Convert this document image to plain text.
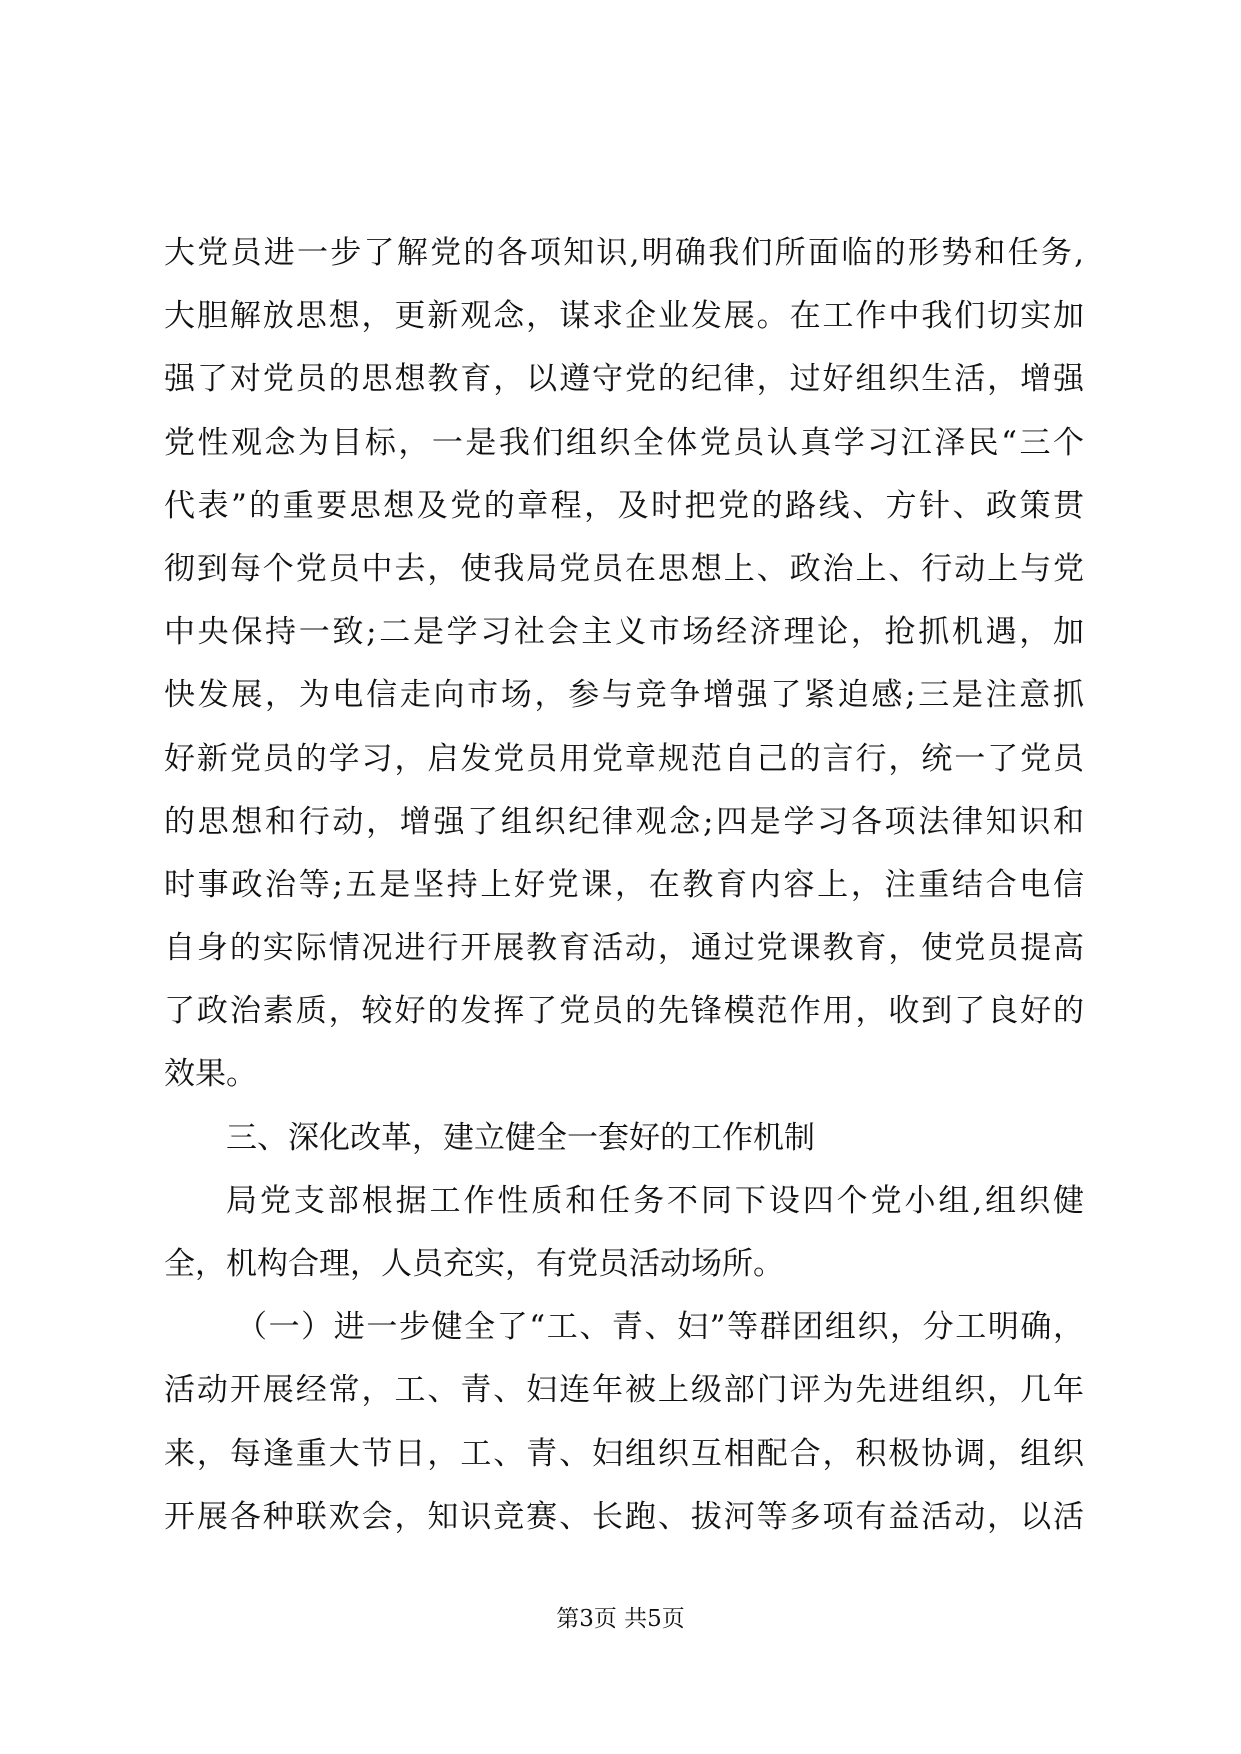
大党员进一步了解党的各项知识,明确我们所面临的形势和任务,
大胆解放思想，更新观念，谋求企业发展。在工作中我们切实加
强了对党员的思想教育，以遵守党的纪律，过好组织生活，增强
党性观念为目标，一是我们组织全体党员认真学习江泽民“三个
代表”的重要思想及党的章程，及时把党的路线、方针、政策贯
彻到每个党员中去，使我局党员在思想上、政治上、行动上与党
中央保持一致;二是学习社会主义市场经济理论，抢抓机遇，加
快发展，为电信走向市场，参与竞争增强了紧迫感;三是注意抓
好新党员的学习，启发党员用党章规范自己的言行，统一了党员
的思想和行动，增强了组织纪律观念;四是学习各项法律知识和
时事政治等;五是坚持上好党课，在教育内容上，注重结合电信
自身的实际情况进行开展教育活动，通过党课教育，使党员提高
了政治素质，较好的发挥了党员的先锋模范作用，收到了良好的
效果。
三、深化改革，建立健全一套好的工作机制
局党支部根据工作性质和任务不同下设四个党小组,组织健
全，机构合理，人员充实，有党员活动场所。
（一）进一步健全了“工、青、妇”等群团组织，分工明确，
活动开展经常，工、青、妇连年被上级部门评为先进组织，几年
来，每逢重大节日，工、青、妇组织互相配合，积极协调，组织
开展各种联欢会，知识竞赛、长跑、拔河等多项有益活动，以活
第3页 共5页
